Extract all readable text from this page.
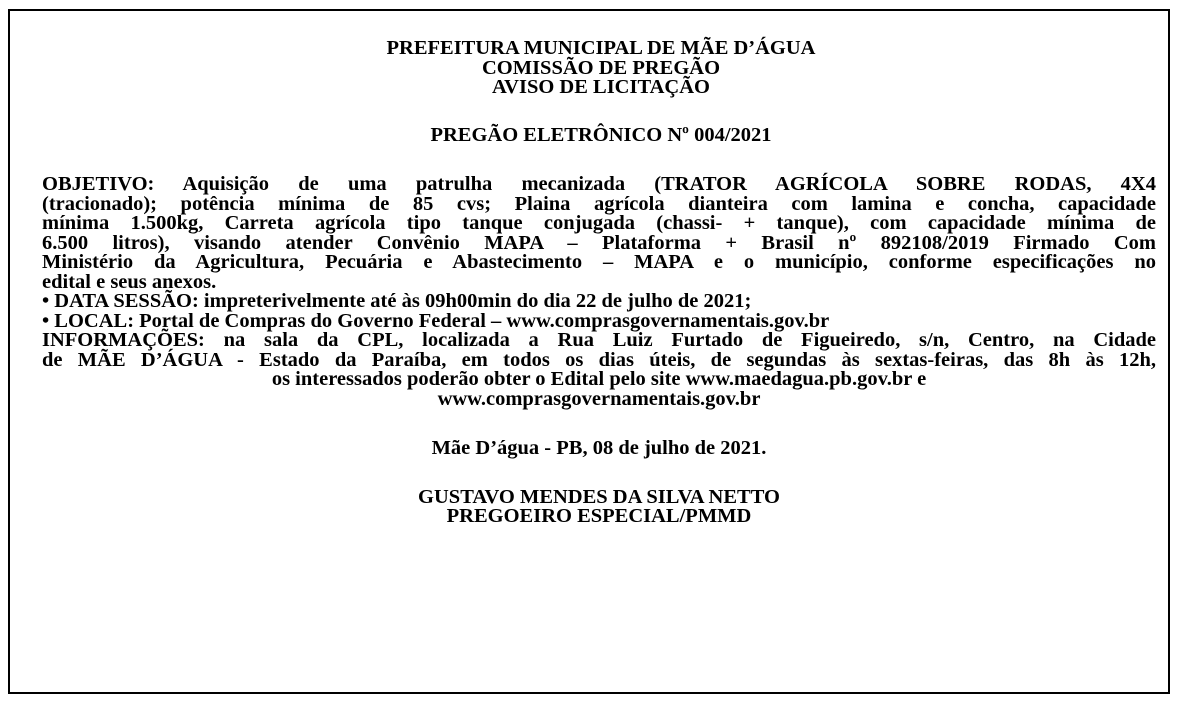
PREFEITURA MUNICIPAL DE MÃE D’ÁGUA
COMISSÃO DE PREGÃO
AVISO DE LICITAÇÃO
PREGÃO ELETRÔNICO Nº 004/2021
OBJETIVO: Aquisição de uma patrulha mecanizada (TRATOR AGRÍCOLA SOBRE RODAS, 4X4
(tracionado); potência mínima de 85 cvs; Plaina agrícola dianteira com lamina e concha, capacidade
mínima 1.500kg, Carreta agrícola tipo tanque conjugada (chassi- + tanque), com capacidade mínima de
6.500 litros), visando atender Convênio MAPA – Plataforma + Brasil nº 892108/2019 Firmado Com
Ministério da Agricultura, Pecuária e Abastecimento – MAPA e o município, conforme especificações no
edital e seus anexos.
• DATA SESSÃO: impreterivelmente até às 09h00min do dia 22 de julho de 2021;
• LOCAL: Portal de Compras do Governo Federal – www.comprasgovernamentais.gov.br
INFORMAÇÕES: na sala da CPL, localizada a Rua Luiz Furtado de Figueiredo, s/n, Centro, na Cidade
de MÃE D’ÁGUA - Estado da Paraíba, em todos os dias úteis, de segundas às sextas-feiras, das 8h às 12h,
os interessados poderão obter o Edital pelo site www.maedagua.pb.gov.br e
www.comprasgovernamentais.gov.br
Mãe D’água - PB, 08 de julho de 2021.
GUSTAVO MENDES DA SILVA NETTO
PREGOEIRO ESPECIAL/PMMD
